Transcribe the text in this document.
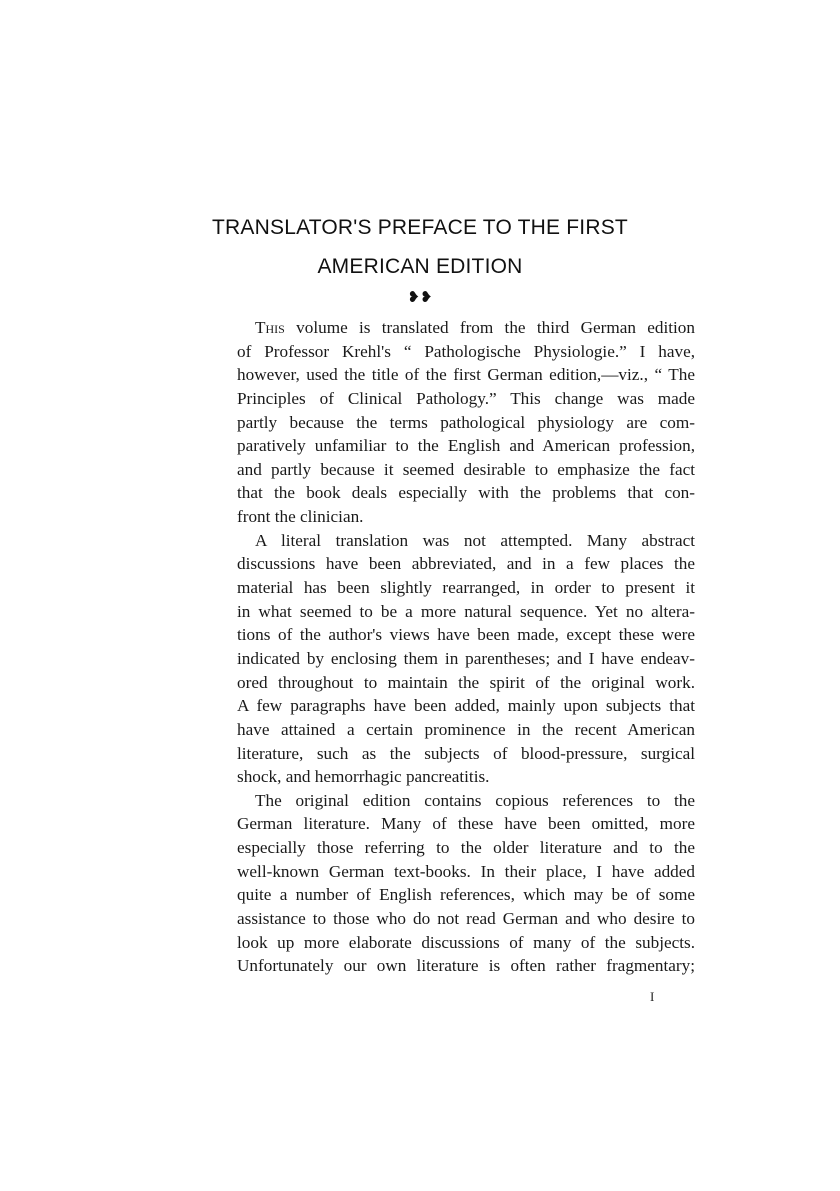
TRANSLATOR'S PREFACE TO THE FIRST
AMERICAN EDITION
❥❥
This volume is translated from the third German edition
of Professor Krehl's “ Pathologische Physiologie.” I have,
however, used the title of the first German edition,—viz., “ The
Principles of Clinical Pathology.” This change was made
partly because the terms pathological physiology are com-
paratively unfamiliar to the English and American profession,
and partly because it seemed desirable to emphasize the fact
that the book deals especially with the problems that con-
front the clinician.
A literal translation was not attempted. Many abstract
discussions have been abbreviated, and in a few places the
material has been slightly rearranged, in order to present it
in what seemed to be a more natural sequence. Yet no altera-
tions of the author's views have been made, except these were
indicated by enclosing them in parentheses; and I have endeav-
ored throughout to maintain the spirit of the original work.
A few paragraphs have been added, mainly upon subjects that
have attained a certain prominence in the recent American
literature, such as the subjects of blood-pressure, surgical
shock, and hemorrhagic pancreatitis.
The original edition contains copious references to the
German literature. Many of these have been omitted, more
especially those referring to the older literature and to the
well-known German text-books. In their place, I have added
quite a number of English references, which may be of some
assistance to those who do not read German and who desire to
look up more elaborate discussions of many of the subjects.
Unfortunately our own literature is often rather fragmentary;
I
